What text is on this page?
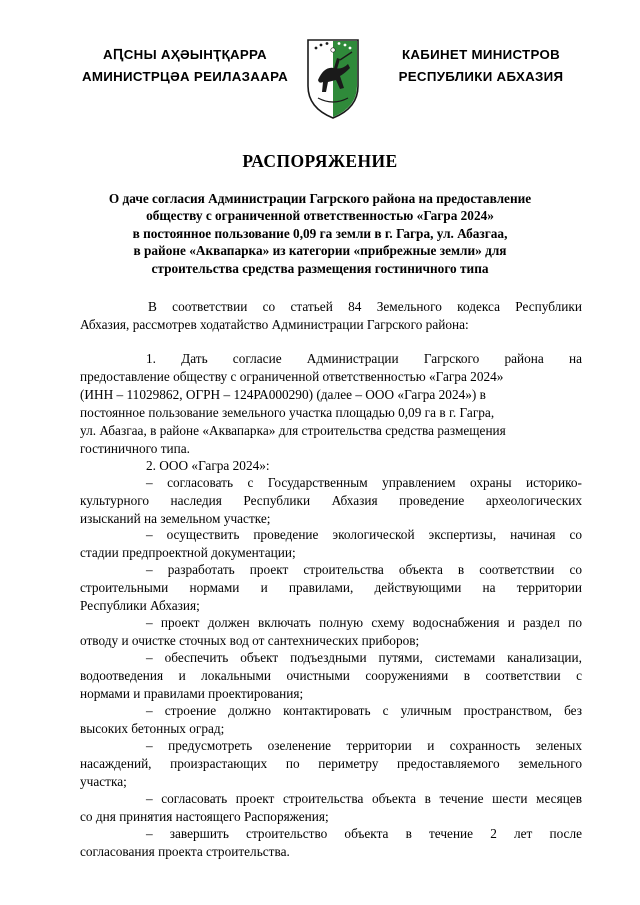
АԤСНЫ АҲӘЫНҬҚАРРА
АМИНИСТРЦӘА РЕИЛАЗААРА
КАБИНЕТ МИНИСТРОВ
РЕСПУБЛИКИ АБХАЗИЯ
РАСПОРЯЖЕНИЕ
О даче согласия Администрации Гагрского района на предоставление
обществу с ограниченной ответственностью «Гагра 2024»
в постоянное пользование 0,09 га земли в г. Гагра, ул. Абазгаа,
в районе «Аквапарка» из категории «прибрежные земли» для
строительства средства размещения гостиничного типа
В соответствии со статьей 84 Земельного кодекса Республики
Абхазия, рассмотрев ходатайство Администрации Гагрского района:
1. Дать согласие Администрации Гагрского района на
предоставление обществу с ограниченной ответственностью «Гагра 2024»
(ИНН – 11029862, ОГРН – 124РА000290) (далее – ООО «Гагра 2024») в
постоянное пользование земельного участка площадью 0,09 га в г. Гагра,
ул. Абазгаа, в районе «Аквапарка» для строительства средства размещения
гостиничного типа.
2. ООО «Гагра 2024»:
– согласовать с Государственным управлением охраны историко-
культурного наследия Республики Абхазия проведение археологических
изысканий на земельном участке;
– осуществить проведение экологической экспертизы, начиная со
стадии предпроектной документации;
– разработать проект строительства объекта в соответствии со
строительными нормами и правилами, действующими на территории
Республики Абхазия;
– проект должен включать полную схему водоснабжения и раздел по
отводу и очистке сточных вод от сантехнических приборов;
– обеспечить объект подъездными путями, системами канализации,
водоотведения и локальными очистными сооружениями в соответствии с
нормами и правилами проектирования;
– строение должно контактировать с уличным пространством, без
высоких бетонных оград;
– предусмотреть озеленение территории и сохранность зеленых
насаждений, произрастающих по периметру предоставляемого земельного
участка;
– согласовать проект строительства объекта в течение шести месяцев
со дня принятия настоящего Распоряжения;
– завершить строительство объекта в течение 2 лет после
согласования проекта строительства.
